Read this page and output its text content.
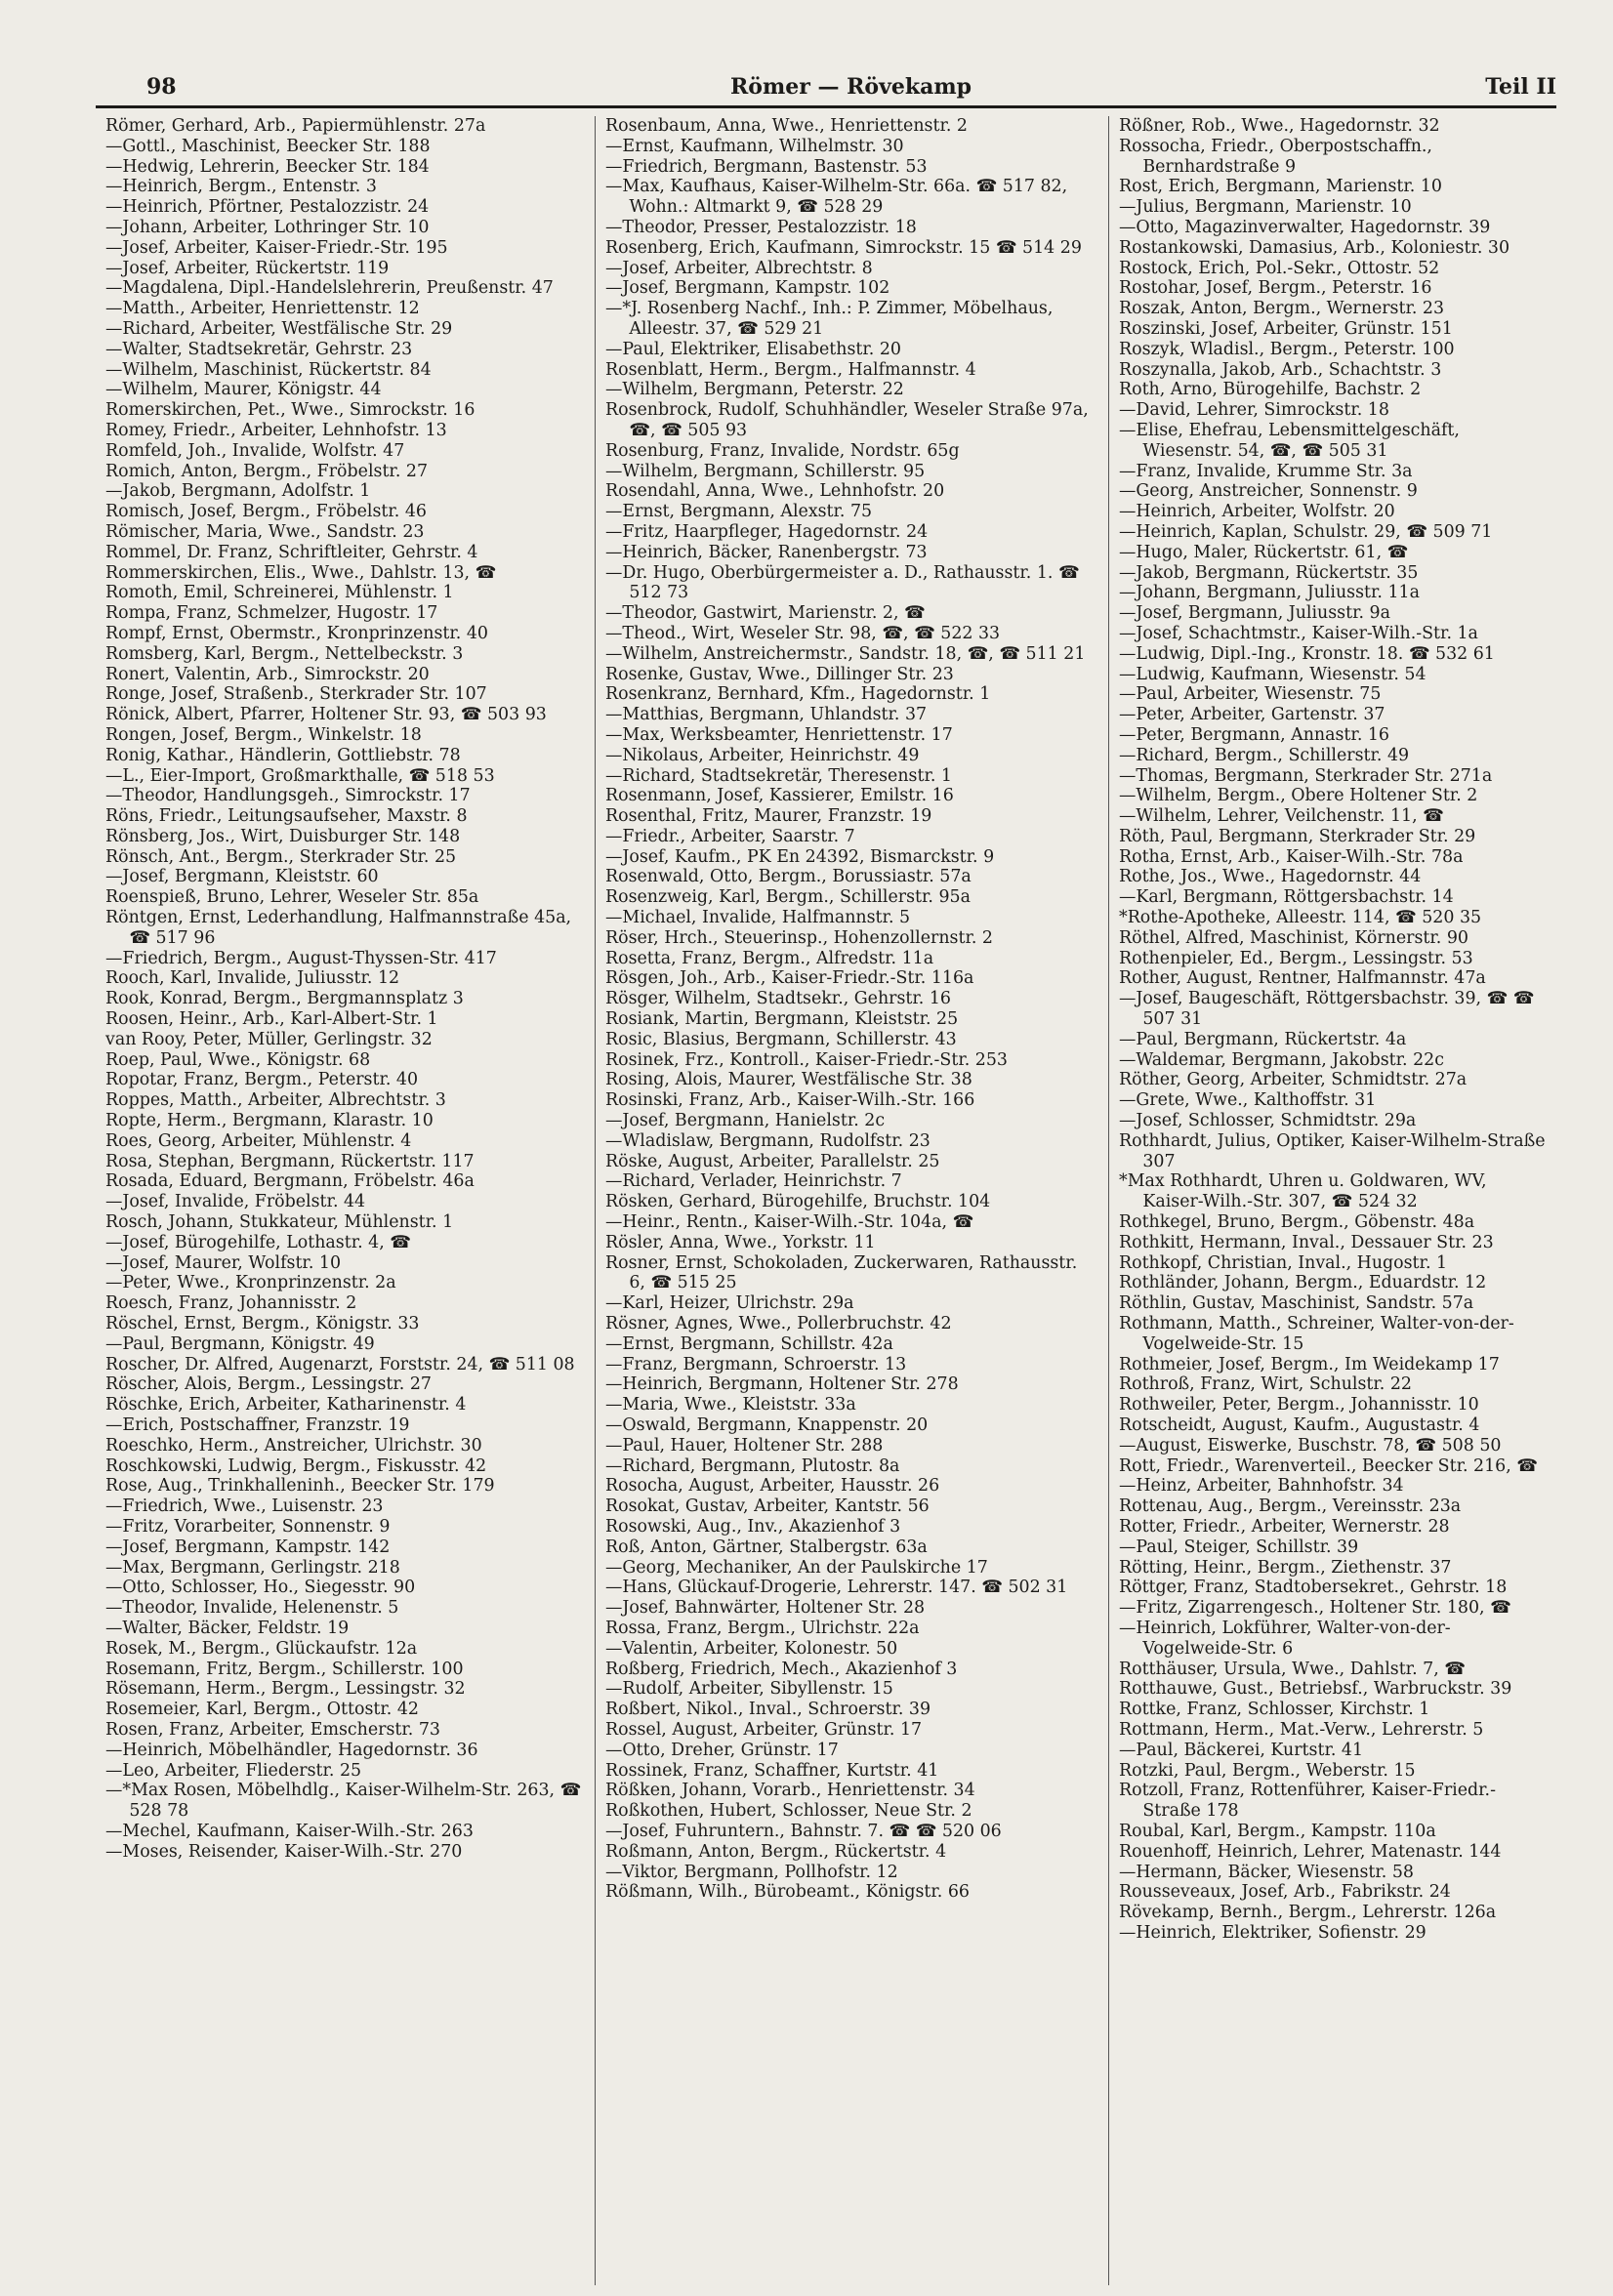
98	Römer — Rövekamp	Teil II

Römer, Gerhard, Arb., Papiermühlenstr. 27a

—Gottl., Maschinist, Beecker Str. 188

—Hedwig, Lehrerin, Beecker Str. 184

—Heinrich, Bergm., Entenstr. 3

—Heinrich, Pförtner, Pestalozzistr. 24

—Johann, Arbeiter, Lothringer Str. 10

—Josef, Arbeiter, Kaiser-Friedr.-Str. 195

—Josef, Arbeiter, Rückertstr. 119

—Magdalena, Dipl.-Handelslehrerin, Preußenstr. 47

—Matth., Arbeiter, Henriettenstr. 12

—Richard, Arbeiter, Westfälische Str. 29

—Walter, Stadtsekretär, Gehrstr. 23

—Wilhelm, Maschinist, Rückertstr. 84

—Wilhelm, Maurer, Königstr. 44

Romerskirchen, Pet., Wwe., Simrockstr. 16

Romey, Friedr., Arbeiter, Lehnhofstr. 13

Romfeld, Joh., Invalide, Wolfstr. 47

Romich, Anton, Bergm., Fröbelstr. 27

—Jakob, Bergmann, Adolfstr. 1

Romisch, Josef, Bergm., Fröbelstr. 46

Römischer, Maria, Wwe., Sandstr. 23

Rommel, Dr. Franz, Schriftleiter, Gehrstr. 4

Rommerskirchen, Elis., Wwe., Dahlstr. 13, ☎

Romoth, Emil, Schreinerei, Mühlenstr. 1

Rompa, Franz, Schmelzer, Hugostr. 17

Rompf, Ernst, Obermstr., Kronprinzenstr. 40

Romsberg, Karl, Bergm., Nettelbeckstr. 3

Ronert, Valentin, Arb., Simrockstr. 20

Ronge, Josef, Straßenb., Sterkrader Str. 107

Rönick, Albert, Pfarrer, Holtener Str. 93, ☎ 503 93

Rongen, Josef, Bergm., Winkelstr. 18

Ronig, Kathar., Händlerin, Gottliebstr. 78

—L., Eier-Import, Großmarkthalle, ☎ 518 53

—Theodor, Handlungsgeh., Simrockstr. 17

Röns, Friedr., Leitungsaufseher, Maxstr. 8

Rönsberg, Jos., Wirt, Duisburger Str. 148

Rönsch, Ant., Bergm., Sterkrader Str. 25

—Josef, Bergmann, Kleiststr. 60

Roenspieß, Bruno, Lehrer, Weseler Str. 85a

Röntgen, Ernst, Lederhandlung, Halfmannstraße 45a, ☎ 517 96

—Friedrich, Bergm., August-Thyssen-Str. 417

Rooch, Karl, Invalide, Juliusstr. 12

Rook, Konrad, Bergm., Bergmannsplatz 3

Roosen, Heinr., Arb., Karl-Albert-Str. 1

van Rooy, Peter, Müller, Gerlingstr. 32

Roep, Paul, Wwe., Königstr. 68

Ropotar, Franz, Bergm., Peterstr. 40

Roppes, Matth., Arbeiter, Albrechtstr. 3

Ropte, Herm., Bergmann, Klarastr. 10

Roes, Georg, Arbeiter, Mühlenstr. 4

Rosa, Stephan, Bergmann, Rückertstr. 117

Rosada, Eduard, Bergmann, Fröbelstr. 46a

—Josef, Invalide, Fröbelstr. 44

Rosch, Johann, Stukkateur, Mühlenstr. 1

—Josef, Bürogehilfe, Lothastr. 4, ☎

—Josef, Maurer, Wolfstr. 10

—Peter, Wwe., Kronprinzenstr. 2a

Roesch, Franz, Johannisstr. 2

Röschel, Ernst, Bergm., Königstr. 33

—Paul, Bergmann, Königstr. 49

Roscher, Dr. Alfred, Augenarzt, Forststr. 24, ☎ 511 08

Röscher, Alois, Bergm., Lessingstr. 27

Röschke, Erich, Arbeiter, Katharinenstr. 4

—Erich, Postschaffner, Franzstr. 19

Roeschko, Herm., Anstreicher, Ulrichstr. 30

Roschkowski, Ludwig, Bergm., Fiskusstr. 42

Rose, Aug., Trinkhalleninh., Beecker Str. 179

—Friedrich, Wwe., Luisenstr. 23

—Fritz, Vorarbeiter, Sonnenstr. 9

—Josef, Bergmann, Kampstr. 142

—Max, Bergmann, Gerlingstr. 218

—Otto, Schlosser, Ho., Siegesstr. 90

—Theodor, Invalide, Helenenstr. 5

—Walter, Bäcker, Feldstr. 19

Rosek, M., Bergm., Glückaufstr. 12a

Rosemann, Fritz, Bergm., Schillerstr. 100

Rösemann, Herm., Bergm., Lessingstr. 32

Rosemeier, Karl, Bergm., Ottostr. 42

Rosen, Franz, Arbeiter, Emscherstr. 73

—Heinrich, Möbelhändler, Hagedornstr. 36

—Leo, Arbeiter, Fliederstr. 25

—*Max Rosen, Möbelhdlg., Kaiser-Wilhelm-Str. 263, ☎ 528 78

—Mechel, Kaufmann, Kaiser-Wilh.-Str. 263

—Moses, Reisender, Kaiser-Wilh.-Str. 270

Rosenbaum, Anna, Wwe., Henriettenstr. 2

—Ernst, Kaufmann, Wilhelmstr. 30

—Friedrich, Bergmann, Bastenstr. 53

—Max, Kaufhaus, Kaiser-Wilhelm-Str. 66a. ☎ 517 82, Wohn.: Altmarkt 9, ☎ 528 29

—Theodor, Presser, Pestalozzistr. 18

Rosenberg, Erich, Kaufmann, Simrockstr. 15 ☎ 514 29

—Josef, Arbeiter, Albrechtstr. 8

—Josef, Bergmann, Kampstr. 102

—*J. Rosenberg Nachf., Inh.: P. Zimmer, Möbelhaus, Alleestr. 37, ☎ 529 21

—Paul, Elektriker, Elisabethstr. 20

Rosenblatt, Herm., Bergm., Halfmannstr. 4

—Wilhelm, Bergmann, Peterstr. 22

Rosenbrock, Rudolf, Schuhhändler, Weseler Straße 97a, ☎, ☎ 505 93

Rosenburg, Franz, Invalide, Nordstr. 65g

—Wilhelm, Bergmann, Schillerstr. 95

Rosendahl, Anna, Wwe., Lehnhofstr. 20

—Ernst, Bergmann, Alexstr. 75

—Fritz, Haarpfleger, Hagedornstr. 24

—Heinrich, Bäcker, Ranenbergstr. 73

—Dr. Hugo, Oberbürgermeister a. D., Rathausstr. 1. ☎ 512 73

—Theodor, Gastwirt, Marienstr. 2, ☎

—Theod., Wirt, Weseler Str. 98, ☎, ☎ 522 33

—Wilhelm, Anstreichermstr., Sandstr. 18, ☎, ☎ 511 21

Rosenke, Gustav, Wwe., Dillinger Str. 23

Rosenkranz, Bernhard, Kfm., Hagedornstr. 1

—Matthias, Bergmann, Uhlandstr. 37

—Max, Werksbeamter, Henriettenstr. 17

—Nikolaus, Arbeiter, Heinrichstr. 49

—Richard, Stadtsekretär, Theresenstr. 1

Rosenmann, Josef, Kassierer, Emilstr. 16

Rosenthal, Fritz, Maurer, Franzstr. 19

—Friedr., Arbeiter, Saarstr. 7

—Josef, Kaufm., PK En 24392, Bismarckstr. 9

Rosenwald, Otto, Bergm., Borussiastr. 57a

Rosenzweig, Karl, Bergm., Schillerstr. 95a

—Michael, Invalide, Halfmannstr. 5

Röser, Hrch., Steuerinsp., Hohenzollernstr. 2

Rosetta, Franz, Bergm., Alfredstr. 11a

Rösgen, Joh., Arb., Kaiser-Friedr.-Str. 116a

Rösger, Wilhelm, Stadtsekr., Gehrstr. 16

Rosiank, Martin, Bergmann, Kleiststr. 25

Rosic, Blasius, Bergmann, Schillerstr. 43

Rosinek, Frz., Kontroll., Kaiser-Friedr.-Str. 253

Rosing, Alois, Maurer, Westfälische Str. 38

Rosinski, Franz, Arb., Kaiser-Wilh.-Str. 166

—Josef, Bergmann, Hanielstr. 2c

—Wladislaw, Bergmann, Rudolfstr. 23

Röske, August, Arbeiter, Parallelstr. 25

—Richard, Verlader, Heinrichstr. 7

Rösken, Gerhard, Bürogehilfe, Bruchstr. 104

—Heinr., Rentn., Kaiser-Wilh.-Str. 104a, ☎

Rösler, Anna, Wwe., Yorkstr. 11

Rosner, Ernst, Schokoladen, Zuckerwaren, Rathausstr. 6, ☎ 515 25

—Karl, Heizer, Ulrichstr. 29a

Rösner, Agnes, Wwe., Pollerbruchstr. 42

—Ernst, Bergmann, Schillstr. 42a

—Franz, Bergmann, Schroerstr. 13

—Heinrich, Bergmann, Holtener Str. 278

—Maria, Wwe., Kleiststr. 33a

—Oswald, Bergmann, Knappenstr. 20

—Paul, Hauer, Holtener Str. 288

—Richard, Bergmann, Plutostr. 8a

Rosocha, August, Arbeiter, Hausstr. 26

Rosokat, Gustav, Arbeiter, Kantstr. 56

Rosowski, Aug., Inv., Akazienhof 3

Roß, Anton, Gärtner, Stalbergstr. 63a

—Georg, Mechaniker, An der Paulskirche 17

—Hans, Glückauf-Drogerie, Lehrerstr. 147. ☎ 502 31

—Josef, Bahnwärter, Holtener Str. 28

Rossa, Franz, Bergm., Ulrichstr. 22a

—Valentin, Arbeiter, Kolonestr. 50

Roßberg, Friedrich, Mech., Akazienhof 3

—Rudolf, Arbeiter, Sibyllenstr. 15

Roßbert, Nikol., Inval., Schroerstr. 39

Rossel, August, Arbeiter, Grünstr. 17

—Otto, Dreher, Grünstr. 17

Rossinek, Franz, Schaffner, Kurtstr. 41

Rößken, Johann, Vorarb., Henriettenstr. 34

Roßkothen, Hubert, Schlosser, Neue Str. 2

—Josef, Fuhruntern., Bahnstr. 7. ☎ ☎ 520 06

Roßmann, Anton, Bergm., Rückertstr. 4

—Viktor, Bergmann, Pollhofstr. 12

Rößmann, Wilh., Bürobeamt., Königstr. 66

Rößner, Rob., Wwe., Hagedornstr. 32

Rossocha, Friedr., Oberpostschaffn., Bernhardstraße 9

Rost, Erich, Bergmann, Marienstr. 10

—Julius, Bergmann, Marienstr. 10

—Otto, Magazinverwalter, Hagedornstr. 39

Rostankowski, Damasius, Arb., Koloniestr. 30

Rostock, Erich, Pol.-Sekr., Ottostr. 52

Rostohar, Josef, Bergm., Peterstr. 16

Roszak, Anton, Bergm., Wernerstr. 23

Roszinski, Josef, Arbeiter, Grünstr. 151

Roszyk, Wladisl., Bergm., Peterstr. 100

Roszynalla, Jakob, Arb., Schachtstr. 3

Roth, Arno, Bürogehilfe, Bachstr. 2

—David, Lehrer, Simrockstr. 18

—Elise, Ehefrau, Lebensmittelgeschäft, Wiesenstr. 54, ☎, ☎ 505 31

—Franz, Invalide, Krumme Str. 3a

—Georg, Anstreicher, Sonnenstr. 9

—Heinrich, Arbeiter, Wolfstr. 20

—Heinrich, Kaplan, Schulstr. 29, ☎ 509 71

—Hugo, Maler, Rückertstr. 61, ☎

—Jakob, Bergmann, Rückertstr. 35

—Johann, Bergmann, Juliusstr. 11a

—Josef, Bergmann, Juliusstr. 9a

—Josef, Schachtmstr., Kaiser-Wilh.-Str. 1a

—Ludwig, Dipl.-Ing., Kronstr. 18. ☎ 532 61

—Ludwig, Kaufmann, Wiesenstr. 54

—Paul, Arbeiter, Wiesenstr. 75

—Peter, Arbeiter, Gartenstr. 37

—Peter, Bergmann, Annastr. 16

—Richard, Bergm., Schillerstr. 49

—Thomas, Bergmann, Sterkrader Str. 271a

—Wilhelm, Bergm., Obere Holtener Str. 2

—Wilhelm, Lehrer, Veilchenstr. 11, ☎

Röth, Paul, Bergmann, Sterkrader Str. 29

Rotha, Ernst, Arb., Kaiser-Wilh.-Str. 78a

Rothe, Jos., Wwe., Hagedornstr. 44

—Karl, Bergmann, Röttgersbachstr. 14

*Rothe-Apotheke, Alleestr. 114, ☎ 520 35

Röthel, Alfred, Maschinist, Körnerstr. 90

Rothenpieler, Ed., Bergm., Lessingstr. 53

Rother, August, Rentner, Halfmannstr. 47a

—Josef, Baugeschäft, Röttgersbachstr. 39, ☎ ☎ 507 31

—Paul, Bergmann, Rückertstr. 4a

—Waldemar, Bergmann, Jakobstr. 22c

Röther, Georg, Arbeiter, Schmidtstr. 27a

—Grete, Wwe., Kalthoffstr. 31

—Josef, Schlosser, Schmidtstr. 29a

Rothhardt, Julius, Optiker, Kaiser-Wilhelm-Straße 307

*Max Rothhardt, Uhren u. Goldwaren, WV, Kaiser-Wilh.-Str. 307, ☎ 524 32

Rothkegel, Bruno, Bergm., Göbenstr. 48a

Rothkitt, Hermann, Inval., Dessauer Str. 23

Rothkopf, Christian, Inval., Hugostr. 1

Rothländer, Johann, Bergm., Eduardstr. 12

Röthlin, Gustav, Maschinist, Sandstr. 57a

Rothmann, Matth., Schreiner, Walter-von-der-Vogelweide-Str. 15

Rothmeier, Josef, Bergm., Im Weidekamp 17

Rothroß, Franz, Wirt, Schulstr. 22

Rothweiler, Peter, Bergm., Johannisstr. 10

Rotscheidt, August, Kaufm., Augustastr. 4

—August, Eiswerke, Buschstr. 78, ☎ 508 50

Rott, Friedr., Warenverteil., Beecker Str. 216, ☎

—Heinz, Arbeiter, Bahnhofstr. 34

Rottenau, Aug., Bergm., Vereinsstr. 23a

Rotter, Friedr., Arbeiter, Wernerstr. 28

—Paul, Steiger, Schillstr. 39

Rötting, Heinr., Bergm., Ziethenstr. 37

Röttger, Franz, Stadtobersekret., Gehrstr. 18

—Fritz, Zigarrengesch., Holtener Str. 180, ☎

—Heinrich, Lokführer, Walter-von-der-Vogelweide-Str. 6

Rotthäuser, Ursula, Wwe., Dahlstr. 7, ☎

Rotthauwe, Gust., Betriebsf., Warbruckstr. 39

Rottke, Franz, Schlosser, Kirchstr. 1

Rottmann, Herm., Mat.-Verw., Lehrerstr. 5

—Paul, Bäckerei, Kurtstr. 41

Rotzki, Paul, Bergm., Weberstr. 15

Rotzoll, Franz, Rottenführer, Kaiser-Friedr.-Straße 178

Roubal, Karl, Bergm., Kampstr. 110a

Rouenhoff, Heinrich, Lehrer, Matenastr. 144

—Hermann, Bäcker, Wiesenstr. 58

Rousseveaux, Josef, Arb., Fabrikstr. 24

Rövekamp, Bernh., Bergm., Lehrerstr. 126a

—Heinrich, Elektriker, Sofienstr. 29
